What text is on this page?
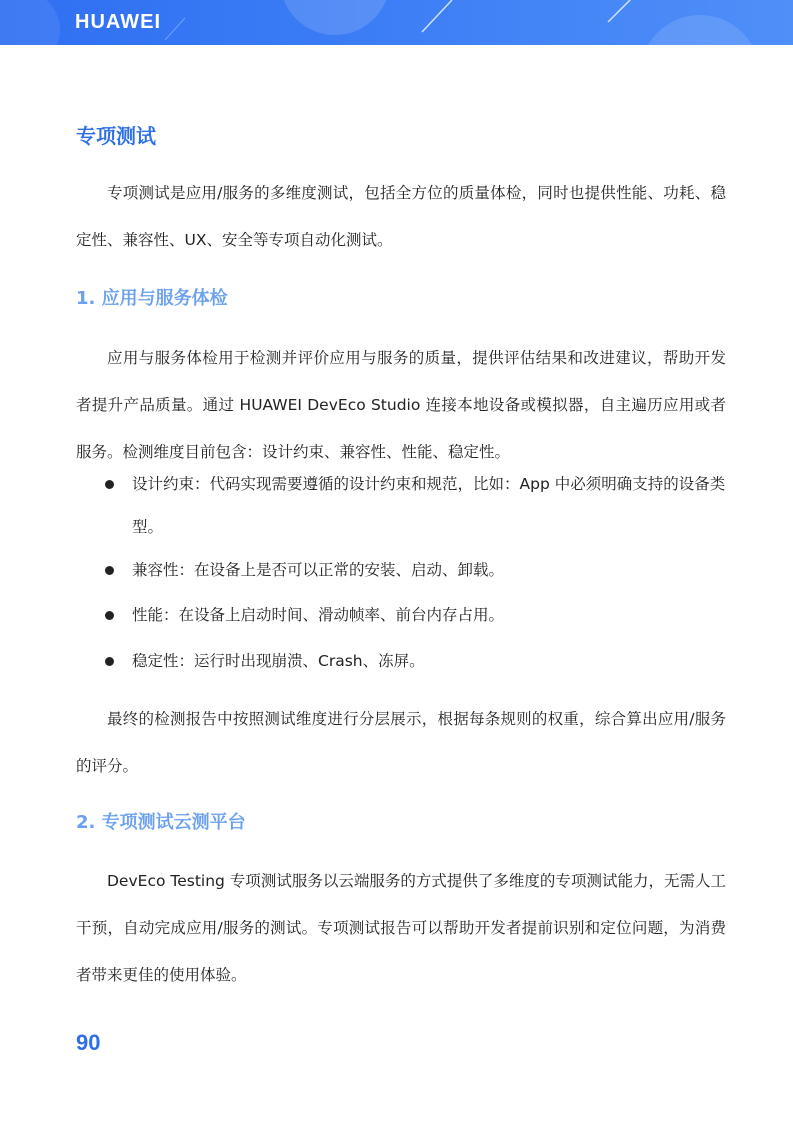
HUAWEI
专项测试

专项测试是应用/服务的多维度测试，包括全方位的质量体检，同时也提供性能、功耗、稳定性、兼容性、UX、安全等专项自动化测试。

1. 应用与服务体检

应用与服务体检用于检测并评价应用与服务的质量，提供评估结果和改进建议，帮助开发者提升产品质量。通过 HUAWEI DevEco Studio 连接本地设备或模拟器，自主遍历应用或者服务。检测维度目前包含：设计约束、兼容性、性能、稳定性。

设计约束：代码实现需要遵循的设计约束和规范，比如：App 中必须明确支持的设备类型。
兼容性：在设备上是否可以正常的安装、启动、卸载。
性能：在设备上启动时间、滑动帧率、前台内存占用。
稳定性：运行时出现崩溃、Crash、冻屏。

最终的检测报告中按照测试维度进行分层展示，根据每条规则的权重，综合算出应用/服务的评分。

2. 专项测试云测平台

DevEco Testing 专项测试服务以云端服务的方式提供了多维度的专项测试能力，无需人工干预，自动完成应用/服务的测试。专项测试报告可以帮助开发者提前识别和定位问题，为消费者带来更佳的使用体验。

90
